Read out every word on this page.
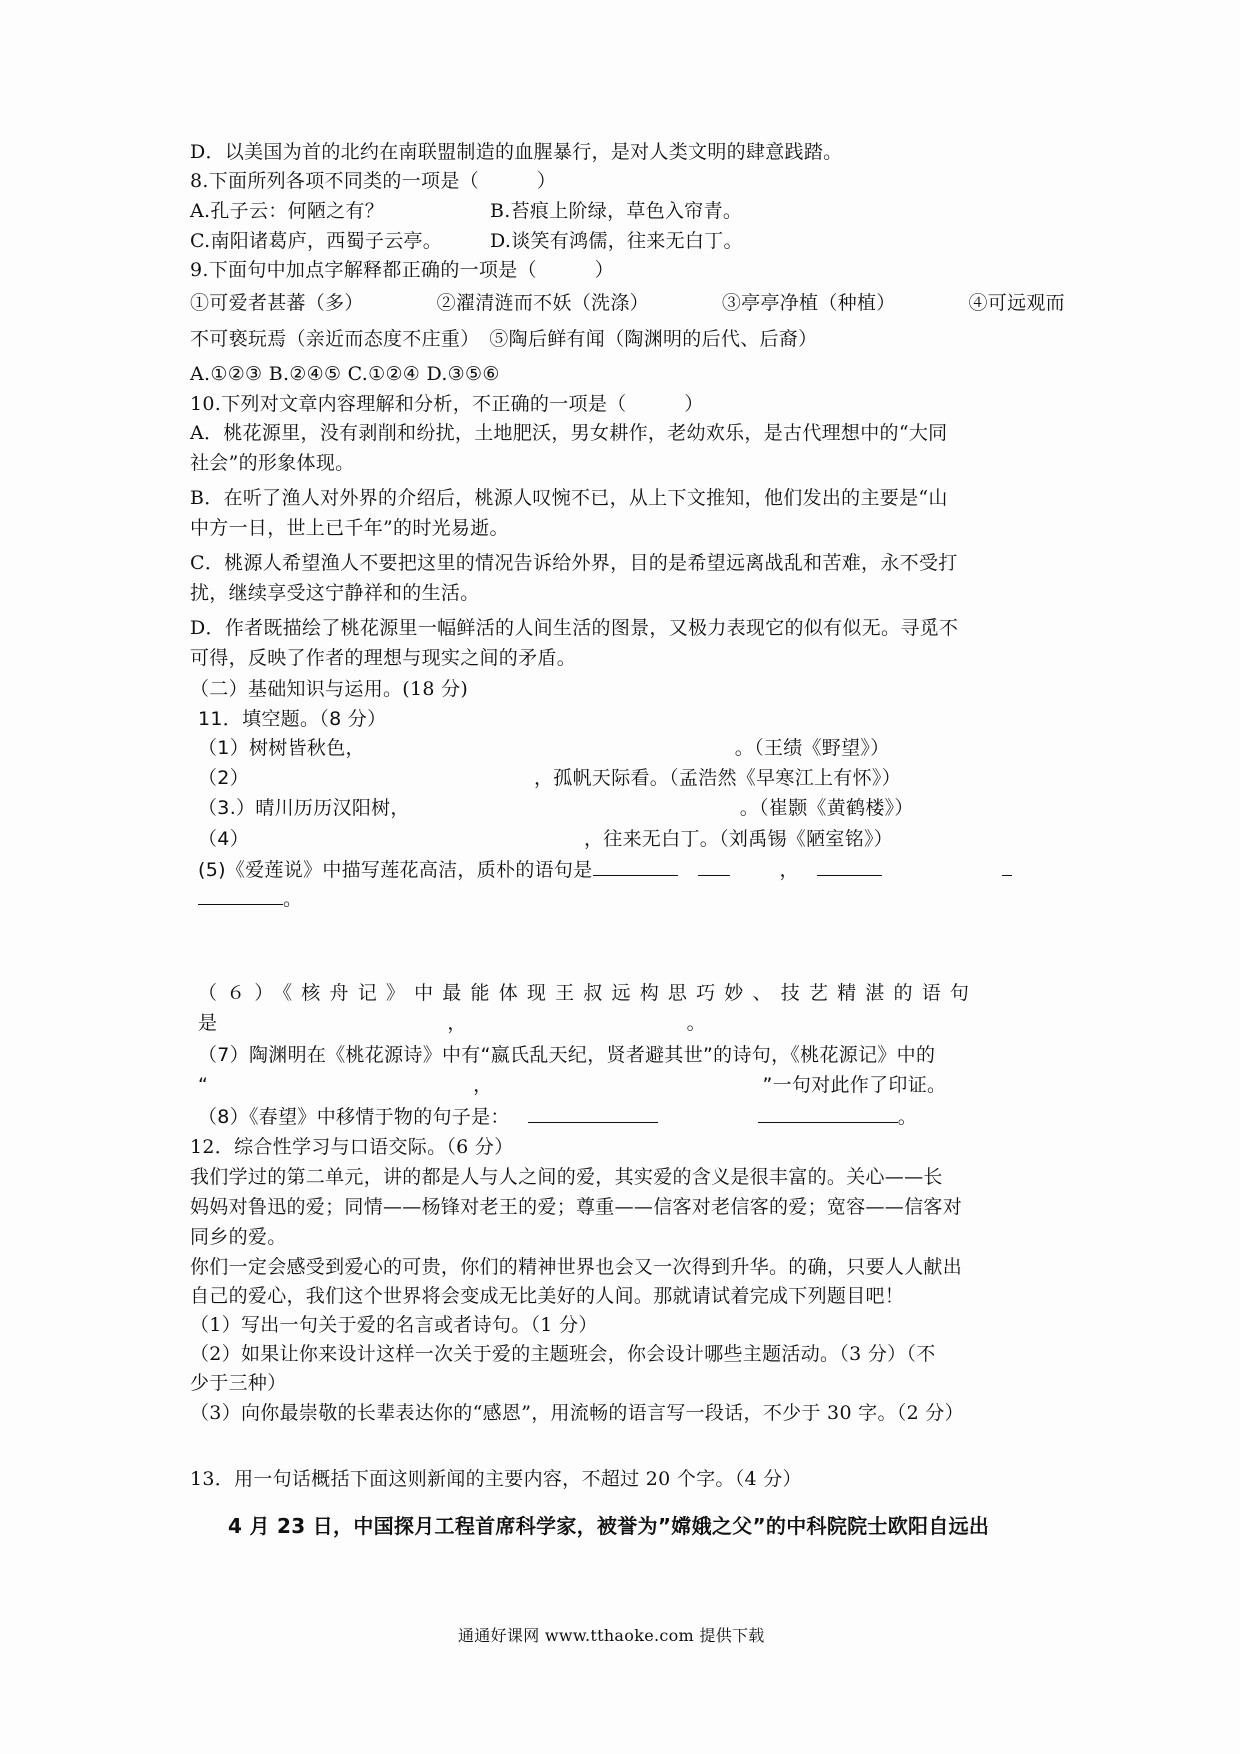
D．以美国为首的北约在南联盟制造的血腥暴行，是对人类文明的肆意践踏。
8.下面所列各项不同类的一项是（　　　）
A.孔子云：何陋之有？	B.苔痕上阶绿，草色入帘青。
C.南阳诸葛庐，西蜀子云亭。	D.谈笑有鸿儒，往来无白丁。
9.下面句中加点字解释都正确的一项是（　　　）
①可爱者甚蕃（多）	②濯清涟而不妖（洗涤）	③亭亭净植（种植）	④可远观而
不可亵玩焉（亲近而态度不庄重）　⑤陶后鲜有闻（陶渊明的后代、后裔）
A.①②③ B.②④⑤ C.①②④ D.③⑤⑥
10.下列对文章内容理解和分析，不正确的一项是（　　　）
A．桃花源里，没有剥削和纷扰，土地肥沃，男女耕作，老幼欢乐，是古代理想中的“大同
社会”的形象体现。
B．在听了渔人对外界的介绍后，桃源人叹惋不已，从上下文推知，他们发出的主要是“山
中方一日，世上已千年”的时光易逝。
C．桃源人希望渔人不要把这里的情况告诉给外界，目的是希望远离战乱和苦难，永不受打
扰，继续享受这宁静祥和的生活。
D．作者既描绘了桃花源里一幅鲜活的人间生活的图景，又极力表现它的似有似无。寻觅不
可得，反映了作者的理想与现实之间的矛盾。
（二）基础知识与运用。(18 分)
11．填空题。（8 分）
（1）树树皆秋色，	。（王绩《野望》）
（2）	，孤帆天际看。（孟浩然《早寒江上有怀》）
（3.）晴川历历汉阳树，	。（崔颢《黄鹤楼》）
（4）	，往来无白丁。（刘禹锡《陋室铭》）
(5)《爱莲说》中描写莲花高洁，质朴的语句是	，
。
（６）《核舟记》中最能体现王叔远构思巧妙、技艺精湛的语句
是	，	。
（7）陶渊明在《桃花源诗》中有“嬴氏乱天纪，贤者避其世”的诗句，《桃花源记》中的
“	，	”一句对此作了印证。
（8）《春望》中移情于物的句子是：	。
12．综合性学习与口语交际。（6 分）
我们学过的第二单元，讲的都是人与人之间的爱，其实爱的含义是很丰富的。关心——长
妈妈对鲁迅的爱；同情——杨锋对老王的爱；尊重——信客对老信客的爱；宽容——信客对
同乡的爱。
你们一定会感受到爱心的可贵，你们的精神世界也会又一次得到升华。的确，只要人人献出
自己的爱心，我们这个世界将会变成无比美好的人间。那就请试着完成下列题目吧！
（1）写出一句关于爱的名言或者诗句。（1 分）
（2）如果让你来设计这样一次关于爱的主题班会，你会设计哪些主题活动。（3 分）（不
少于三种）
（3）向你最崇敬的长辈表达你的“感恩”，用流畅的语言写一段话，不少于 30 字。（2 分）
13．用一句话概括下面这则新闻的主要内容，不超过 20 个字。（4 分）
4 月 23 日，中国探月工程首席科学家，被誉为”嫦娥之父”的中科院院士欧阳自远出
通通好课网 www.tthaoke.com 提供下载
